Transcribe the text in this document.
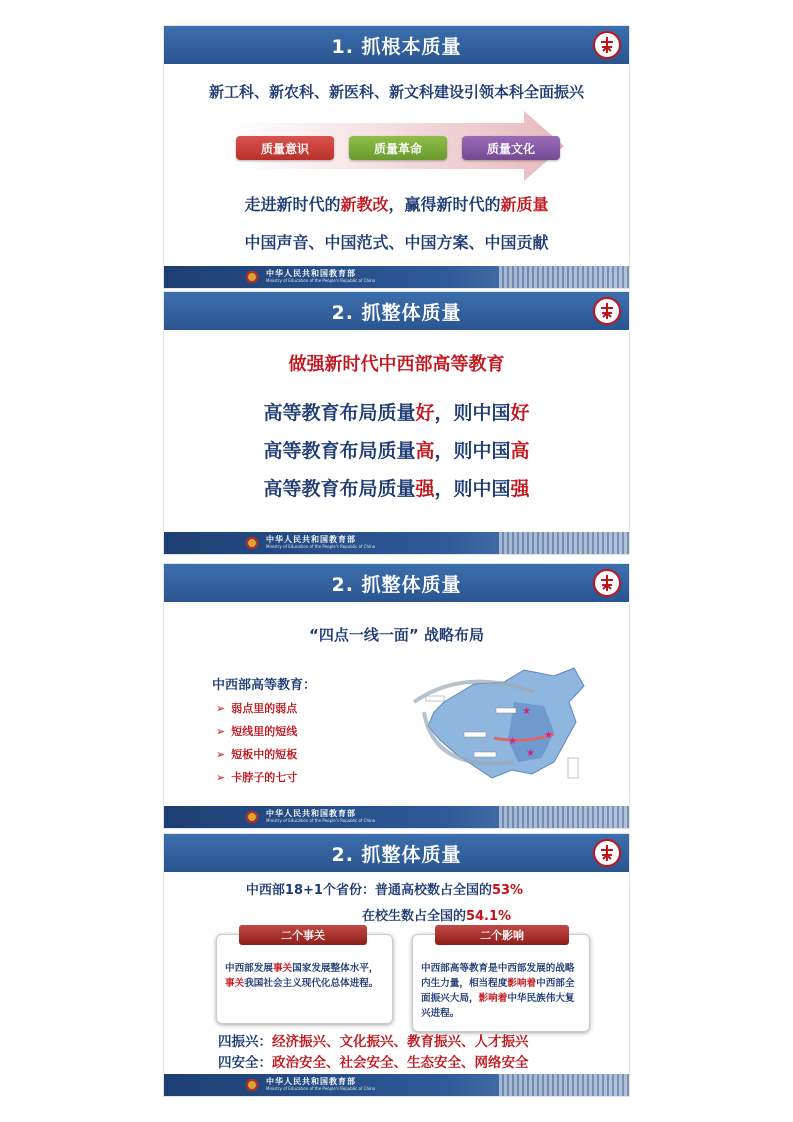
1. 抓根本质量
新工科、新农科、新医科、新文科建设引领本科全面振兴
质量意识	质量革命	质量文化
走进新时代的新教改，赢得新时代的新质量
中国声音、中国范式、中国方案、中国贡献
中华人民共和国教育部
Ministry of Education of the People's Republic of China
2. 抓整体质量
做强新时代中西部高等教育
高等教育布局质量好，则中国好
高等教育布局质量高，则中国高
高等教育布局质量强，则中国强
中华人民共和国教育部
Ministry of Education of the People's Republic of China
2. 抓整体质量
“四点一线一面” 战略布局
中西部高等教育：
➢ 弱点里的弱点
➢ 短线里的短线
➢ 短板中的短板
➢ 卡脖子的七寸
★
★
★
★
中华人民共和国教育部
Ministry of Education of the People's Republic of China
2. 抓整体质量
中西部18+1个省份：普通高校数占全国的53%
在校生数占全国的54.1%
二个事关
中西部发展事关国家发展整体水平，事关我国社会主义现代化总体进程。
二个影响
中西部高等教育是中西部发展的战略内生力量，相当程度影响着中西部全面振兴大局，影响着中华民族伟大复兴进程。
四振兴：经济振兴、文化振兴、教育振兴、人才振兴
四安全：政治安全、社会安全、生态安全、网络安全
中华人民共和国教育部
Ministry of Education of the People's Republic of China
